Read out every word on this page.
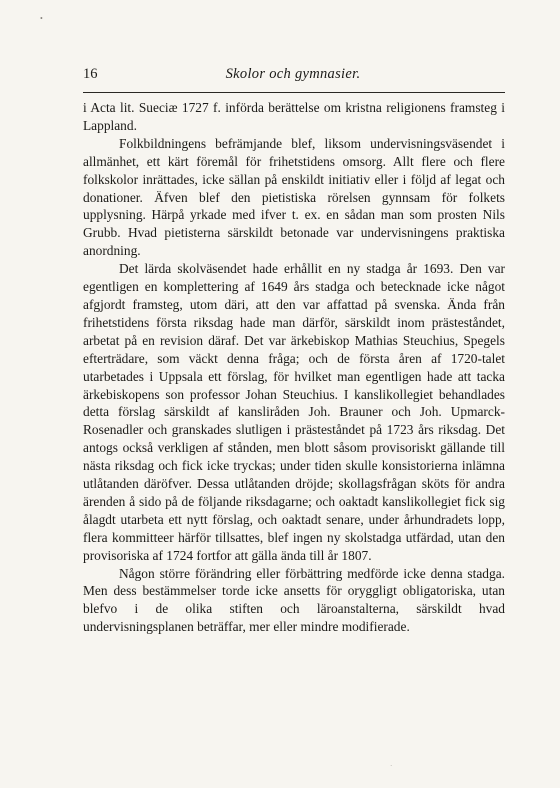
•
16	Skolor och gymnasier.

i Acta lit. Sueciæ 1727 f. införda berättelse om kristna religionens framsteg i Lappland.

Folkbildningens befrämjande blef, liksom undervisningsväsendet i allmänhet, ett kärt föremål för frihetstidens omsorg. Allt flere och flere folkskolor inrättades, icke sällan på enskildt initiativ eller i följd af legat och donationer. Äfven blef den pietistiska rörelsen gynnsam för folkets upplysning. Härpå yrkade med ifver t. ex. en sådan man som prosten Nils Grubb. Hvad pietisterna särskildt betonade var undervisningens praktiska anordning.

Det lärda skolväsendet hade erhållit en ny stadga år 1693. Den var egentligen en komplettering af 1649 års stadga och betecknade icke något afgjordt framsteg, utom däri, att den var affattad på svenska. Ända från frihetstidens första riksdag hade man därför, särskildt inom prästeståndet, arbetat på en revision däraf. Det var ärkebiskop Mathias Steuchius, Spegels efterträdare, som väckt denna fråga; och de första åren af 1720-talet utarbetades i Uppsala ett förslag, för hvilket man egentligen hade att tacka ärkebiskopens son professor Johan Steuchius. I kanslikollegiet behandlades detta förslag särskildt af kansliråden Joh. Brauner och Joh. Upmarck-Rosenadler och granskades slutligen i prästeståndet på 1723 års riksdag. Det antogs också verkligen af stånden, men blott såsom provisoriskt gällande till nästa riksdag och fick icke tryckas; under tiden skulle konsistorierna inlämna utlåtanden däröfver. Dessa utlåtanden dröjde; skollagsfrågan sköts för andra ärenden å sido på de följande riksdagarne; och oaktadt kanslikollegiet fick sig ålagdt utarbeta ett nytt förslag, och oaktadt senare, under århundradets lopp, flera kommitteer härför tillsattes, blef ingen ny skolstadga utfärdad, utan den provisoriska af 1724 fortfor att gälla ända till år 1807.

Någon större förändring eller förbättring medförde icke denna stadga. Men dess bestämmelser torde icke ansetts för oryggligt obligatoriska, utan blefvo i de olika stiften och läroanstalterna, särskildt hvad undervisningsplanen beträffar, mer eller mindre modifierade.

·
